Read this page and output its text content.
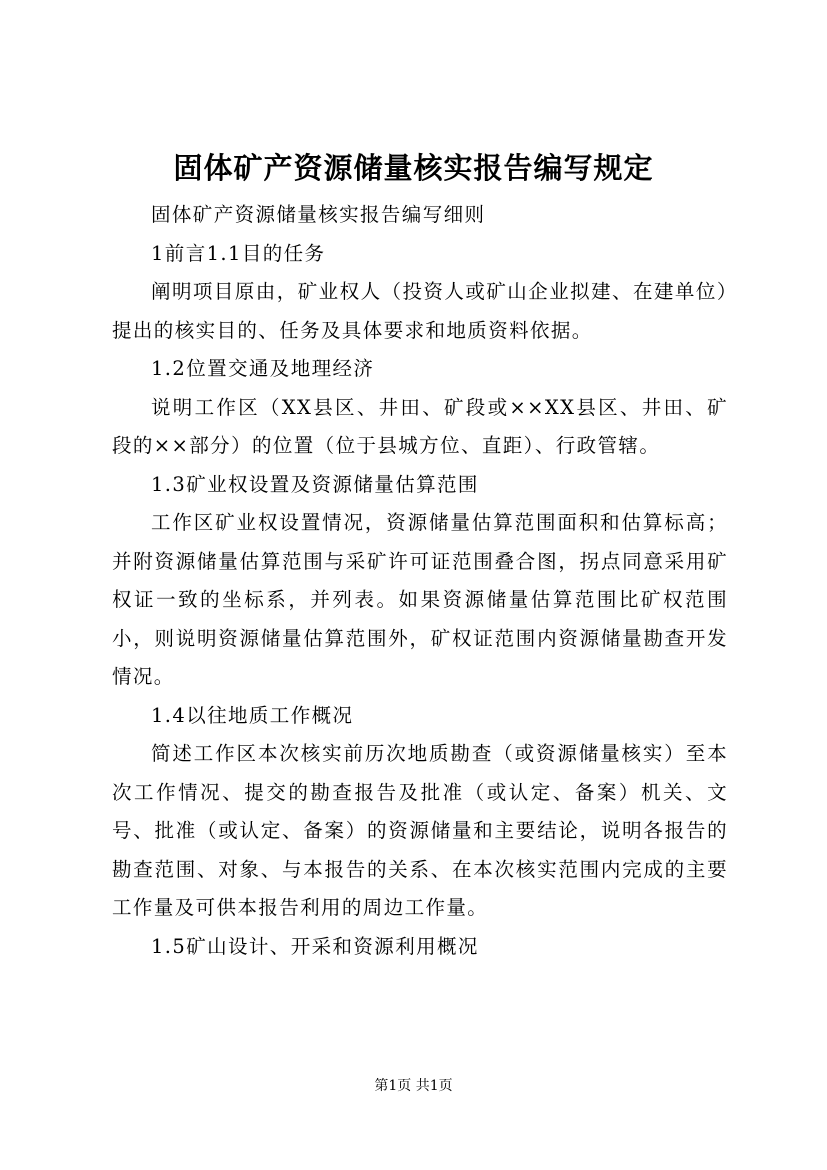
固体矿产资源储量核实报告编写规定

固体矿产资源储量核实报告编写细则

1前言1.1目的任务

阐明项目原由，矿业权人（投资人或矿山企业拟建、在建单位）提出的核实目的、任务及具体要求和地质资料依据。

1.2位置交通及地理经济

说明工作区（XX县区、井田、矿段或××XX县区、井田、矿段的××部分）的位置（位于县城方位、直距）、行政管辖。

1.3矿业权设置及资源储量估算范围

工作区矿业权设置情况，资源储量估算范围面积和估算标高；并附资源储量估算范围与采矿许可证范围叠合图，拐点同意采用矿权证一致的坐标系，并列表。如果资源储量估算范围比矿权范围小，则说明资源储量估算范围外，矿权证范围内资源储量勘查开发情况。

1.4以往地质工作概况

简述工作区本次核实前历次地质勘查（或资源储量核实）至本次工作情况、提交的勘查报告及批准（或认定、备案）机关、文号、批准（或认定、备案）的资源储量和主要结论，说明各报告的勘查范围、对象、与本报告的关系、在本次核实范围内完成的主要工作量及可供本报告利用的周边工作量。

1.5矿山设计、开采和资源利用概况

第1页 共1页
